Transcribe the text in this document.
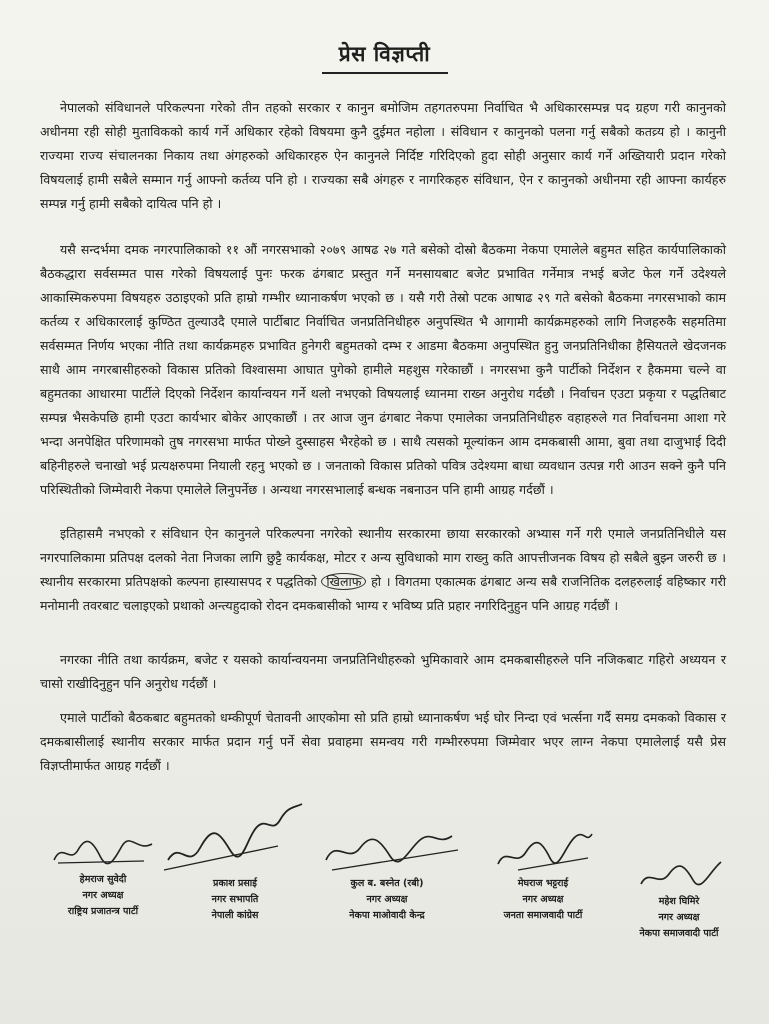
प्रेस विज्ञप्ती
नेपालको संविधानले परिकल्पना गरेको तीन तहको सरकार र कानुन बमोजिम तहगतरुपमा निर्वाचित भै अधिकारसम्पन्न पद ग्रहण गरी कानुनको अधीनमा रही सोही मुताविकको कार्य गर्ने अधिकार रहेको विषयमा कुनै दुईमत नहोला । संविधान र कानुनको पलना गर्नु सबैको कतव्र्य हो । कानुनी राज्यमा राज्य संचालनका निकाय तथा अंगहरुको अधिकारहरु ऐन कानुनले निर्दिष्ट गरिदिएको हुदा सोही अनुसार कार्य गर्ने अख्तियारी प्रदान गरेको विषयलाई हामी सबैले सम्मान गर्नु आफ्नो कर्तव्य पनि हो । राज्यका सबै अंगहरु र नागरिकहरु संविधान, ऐन र कानुनको अधीनमा रही आफ्ना कार्यहरु सम्पन्न गर्नु हामी सबैको दायित्व पनि हो ।
यसै सन्दर्भमा दमक नगरपालिकाको ११ औं नगरसभाको २०७९ आषढ २७ गते बसेको दोस्रो बैठकमा नेकपा एमालेले बहुमत सहित कार्यपालिकाको बैठकद्धारा सर्वसम्मत पास गरेको विषयलाई पुनः फरक ढंगबाट प्रस्तुत गर्ने मनसायबाट बजेट प्रभावित गर्नेमात्र नभई बजेट फेल गर्ने उदेश्यले आकास्मिकरुपमा विषयहरु उठाइएको प्रति हाम्रो गम्भीर ध्यानाकर्षण भएको छ । यसै गरी तेस्रो पटक आषाढ २९ गते बसेको बैठकमा नगरसभाको काम कर्तव्य र अधिकारलाई कुण्ठित तुल्याउदै एमाले पार्टीबाट निर्वाचित जनप्रतिनिधीहरु अनुपस्थित भै आगामी कार्यक्रमहरुको लागि निजहरुकै सहमतिमा सर्वसम्मत निर्णय भएका नीति तथा कार्यक्रमहरु प्रभावित हुनेगरी बहुमतको दम्भ र आडमा बैठकमा अनुपस्थित हुनु जनप्रतिनिधीका हैसियतले खेदजनक साथै आम नगरबासीहरुको विकास प्रतिको विश्वासमा आघात पुगेको हामीले महशुस गरेकाछौं । नगरसभा कुनै पार्टीको निर्देशन र हैकममा चल्ने वा बहुमतका आधारमा पार्टीले दिएको निर्देशन कार्यान्वयन गर्ने थलो नभएको विषयलाई ध्यानमा राख्न अनुरोध गर्दछौ । निर्वाचन एउटा प्रकृया र पद्धतिबाट सम्पन्न भैसकेपछि हामी एउटा कार्यभार बोकेर आएकाछौं । तर आज जुन ढंगबाट नेकपा एमालेका जनप्रतिनिधीहरु वहाहरुले गत निर्वाचनमा आशा गरे भन्दा अनपेक्षित परिणामको तुष नगरसभा मार्फत पोख्ने दुस्साहस भैरहेको छ । साथै त्यसको मूल्यांकन आम दमकबासी आमा, बुवा तथा दाजुभाई दिदी बहिनीहरुले चनाखो भई प्रत्यक्षरुपमा नियाली रहनु भएको छ । जनताको विकास प्रतिको पवित्र उदेश्यमा बाधा व्यवधान उत्पन्न गरी आउन सक्ने कुनै पनि परिस्थितीको जिम्मेवारी नेकपा एमालेले लिनुपर्नेछ । अन्यथा नगरसभालाई बन्धक नबनाउन पनि हामी आग्रह गर्दछौं ।
इतिहासमै नभएको र संविधान ऐन कानुनले परिकल्पना नगरेको स्थानीय सरकारमा छाया सरकारको अभ्यास गर्ने गरी एमाले जनप्रतिनिधीले यस नगरपालिकामा प्रतिपक्ष दलको नेता निजका लागि छुट्टै कार्यकक्ष, मोटर र अन्य सुविधाको माग राख्नु कति आपत्तीजनक विषय हो सबैले बुझ्न जरुरी छ । स्थानीय सरकारमा प्रतिपक्षको कल्पना हास्यासपद र पद्धतिको खिलाफ हो । विगतमा एकात्मक ढंगबाट अन्य सबै राजनितिक दलहरुलाई वहिष्कार गरी मनोमानी तवरबाट चलाइएको प्रथाको अन्त्यहुदाको रोदन दमकबासीको भाग्य र भविष्य प्रति प्रहार नगरिदिनुहुन पनि आग्रह गर्दछौं ।
नगरका नीति तथा कार्यक्रम, बजेट र यसको कार्यान्वयनमा जनप्रतिनिधीहरुको भुमिकावारे आम दमकबासीहरुले पनि नजिकबाट गहिरो अध्ययन र चासो राखीदिनुहुन पनि अनुरोध गर्दछौं ।
एमाले पार्टीको बैठकबाट बहुमतको धम्कीपूर्ण चेतावनी आएकोमा सो प्रति हाम्रो ध्यानाकर्षण भई घोर निन्दा एवं भर्त्सना गर्दै समग्र दमकको विकास र दमकबासीलाई स्थानीय सरकार मार्फत प्रदान गर्नु पर्ने सेवा प्रवाहमा समन्वय गरी गम्भीररुपमा जिम्मेवार भएर लाग्न नेकपा एमालेलाई यसै प्रेस विज्ञप्तीमार्फत आग्रह गर्दछौं ।
हेमराज सुवेदी
नगर अध्यक्ष
राष्ट्रिय प्रजातन्त्र पार्टी
प्रकाश प्रसाई
नगर सभापति
नेपाली कांग्रेस
कुल ब. बस्नेत (रबी)
नगर अध्यक्ष
नेकपा माओवादी केन्द्र
मेघराज भट्टराई
नगर अध्यक्ष
जनता समाजवादी पार्टी
महेश घिमिरे
नगर अध्यक्ष
नेकपा समाजवादी पार्टी
